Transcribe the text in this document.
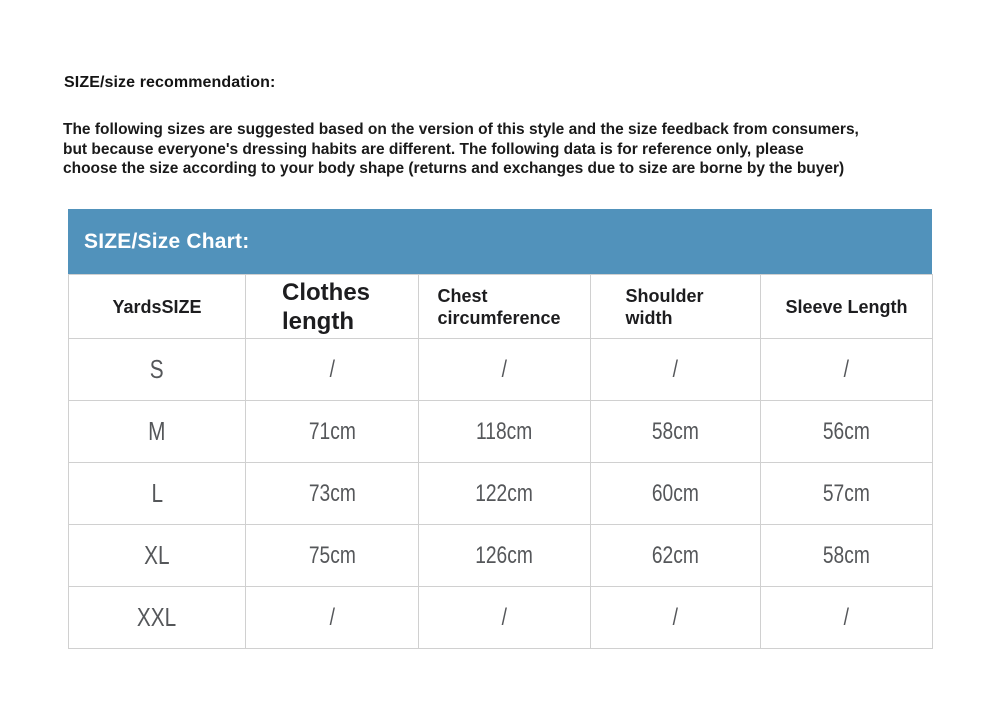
SIZE/size recommendation:
The following sizes are suggested based on the version of this style and the size feedback from consumers,
but because everyone's dressing habits are different. The following data is for reference only, please
choose the size according to your body shape (returns and exchanges due to size are borne by the buyer)
SIZE/Size Chart:
YardsSIZE	Clothes length	Chest circumference	Shoulder width	Sleeve Length
S	/	/	/	/
M	71cm	118cm	58cm	56cm
L	73cm	122cm	60cm	57cm
XL	75cm	126cm	62cm	58cm
XXL	/	/	/	/
